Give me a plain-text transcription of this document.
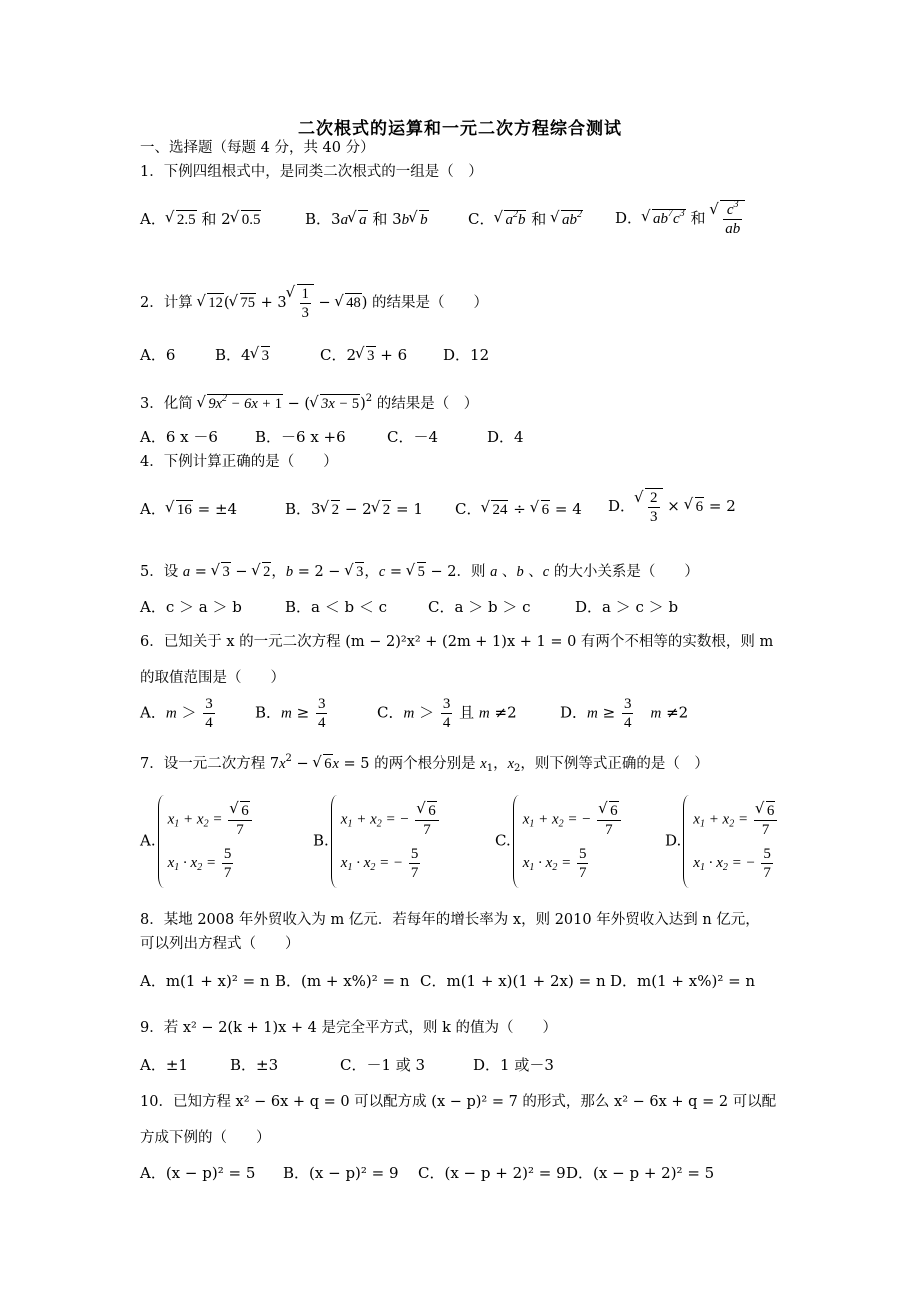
二次根式的运算和一元二次方程综合测试
一、选择题（每题 4 分，共 40 分）
1．下例四组根式中，是同类二次根式的一组是（　）
A． √ 2.5 和 2 √ 0.5	B．3a √ a 和 3b √ b	C． √ $a^2b$ 和 √ $ab^2$ D． √ $ab^7c^3$ 和 √ $\frac{c^3}{ab}$
2．计算 √ 12( √ 75 + 3 √ $\frac{1}{3}$ − √ 48) 的结果是（　　）
A．6	B．4 √ 3	C．2 √ 3 + 6 D．12
3．化简 √ $9x^2 - 6x + 1$ − ( √ 3x − 5)$^2$ 的结果是（　）
A．6 x －6 B．－6 x +6	C．－4	D．4
4．下例计算正确的是（　　）
A． √ 16 = ±4	B．3 √ 2 − 2 √ 2 = 1 C． √ 24 ÷ √ 6 = 4 D． √ $\frac{2}{3}$ × √ 6 = 2
5．设 a = √ 3 − √ 2，b = 2 − √ 3，c = √ 5 − 2．则 a 、b 、c 的大小关系是（　　）
A．c ＞ a ＞ b	B．a ＜ b ＜ c	C．a ＞ b ＞ c	D．a ＞ c ＞ b
6．已知关于 x 的一元二次方程 (m − 2)²x² + (2m + 1)x + 1 = 0 有两个不相等的实数根，则 m
的取值范围是（　　）
A．$m > \frac{3}{4}$	B．$m \ge \frac{3}{4}$	C．$m > \frac{3}{4}$ 且 m ≠2	D．$m \ge \frac{3}{4}$
　 m ≠2
7．设一元二次方程 $7x^2$ − √ 6x = 5 的两个根分别是 $x_1$，$x_2$，则下例等式正确的是（　）
A.
$x_1 + x_2$ = √ $\frac{6}{7}$
$x_1 \cdot x_2 = \frac{5}{7}$
B.
$x_1 + x_2$ = − √ $\frac{6}{7}$
$x_1 \cdot x_2$ = − $\frac{5}{7}$
C.
$x_1 + x_2$ = − √ $\frac{6}{7}$
$x_1 \cdot x_2 = \frac{5}{7}$
D.
$x_1 + x_2$ = √ $\frac{6}{7}$
$x_1 \cdot x_2$ = − $\frac{5}{7}$
8．某地 2008 年外贸收入为 m 亿元．若每年的增长率为 x，则 2010 年外贸收入达到 n 亿元，
可以列出方程式（　　）
A．m(1 + x)² = n B．(m + x%)² = n C．m(1 + x)(1 + 2x) = n D．m(1 + x%)² = n
9．若 x² − 2(k + 1)x + 4 是完全平方式，则 k 的值为（　　）
A．±1	B．±3	C．－1 或 3	D．1 或－3
10．已知方程 x² − 6x + q = 0 可以配方成 (x − p)² = 7 的形式，那么 x² − 6x + q = 2 可以配
方成下例的（　　）
A．(x − p)² = 5 B．(x − p)² = 9 C．(x − p + 2)² = 9 D．(x − p + 2)² = 5
